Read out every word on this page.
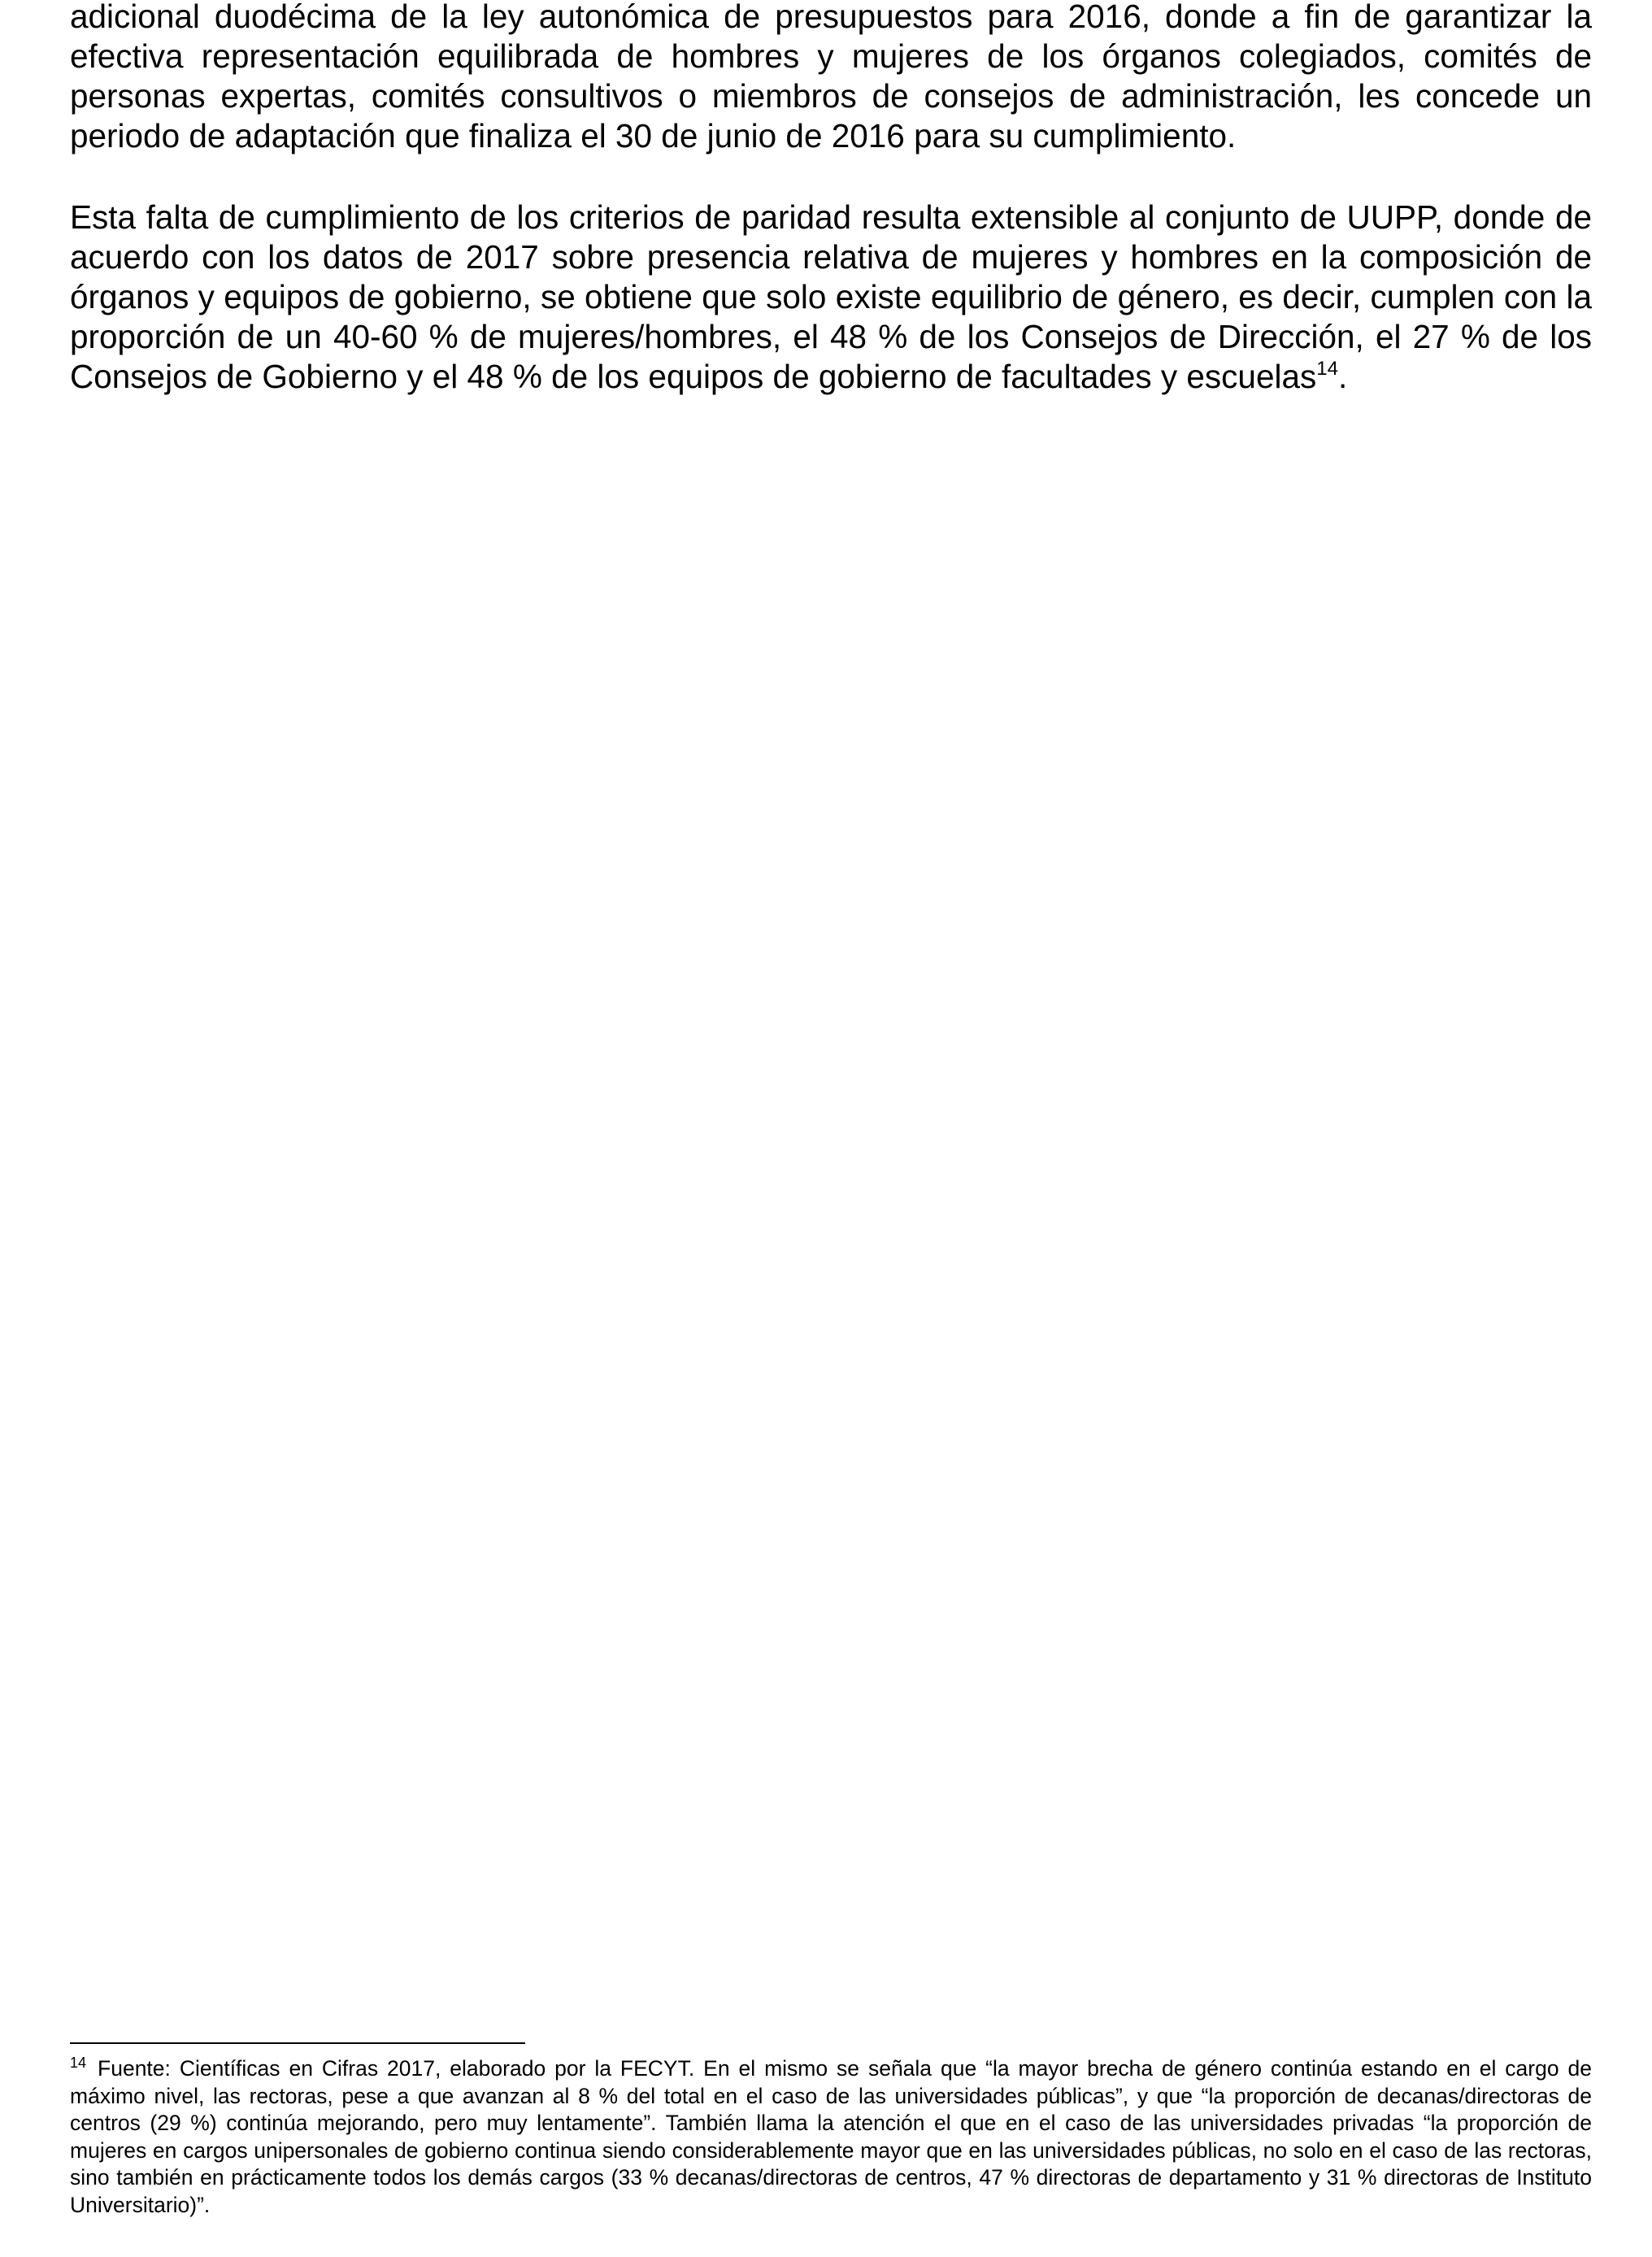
adicional duodécima de la ley autonómica de presupuestos para 2016, donde a fin de garantizar la efectiva representación equilibrada de hombres y mujeres de los órganos colegiados, comités de personas expertas, comités consultivos o miembros de consejos de administración, les concede un periodo de adaptación que finaliza el 30 de junio de 2016 para su cumplimiento.

Esta falta de cumplimiento de los criterios de paridad resulta extensible al conjunto de UUPP, donde de acuerdo con los datos de 2017 sobre presencia relativa de mujeres y hombres en la composición de órganos y equipos de gobierno, se obtiene que solo existe equilibrio de género, es decir, cumplen con la proporción de un 40-60 % de mujeres/hombres, el 48 % de los Consejos de Dirección, el 27 % de los Consejos de Gobierno y el 48 % de los equipos de gobierno de facultades y escuelas$^{14}$.

$^{14}$ Fuente: Científicas en Cifras 2017, elaborado por la FECYT. En el mismo se señala que “la mayor brecha de género continúa estando en el cargo de máximo nivel, las rectoras, pese a que avanzan al 8 % del total en el caso de las universidades públicas”, y que “la proporción de decanas/directoras de centros (29 %) continúa mejorando, pero muy lentamente”. También llama la atención el que en el caso de las universidades privadas “la proporción de mujeres en cargos unipersonales de gobierno continua siendo considerablemente mayor que en las universidades públicas, no solo en el caso de las rectoras, sino también en prácticamente todos los demás cargos (33 % decanas/directoras de centros, 47 % directoras de departamento y 31 % directoras de Instituto Universitario)”.
